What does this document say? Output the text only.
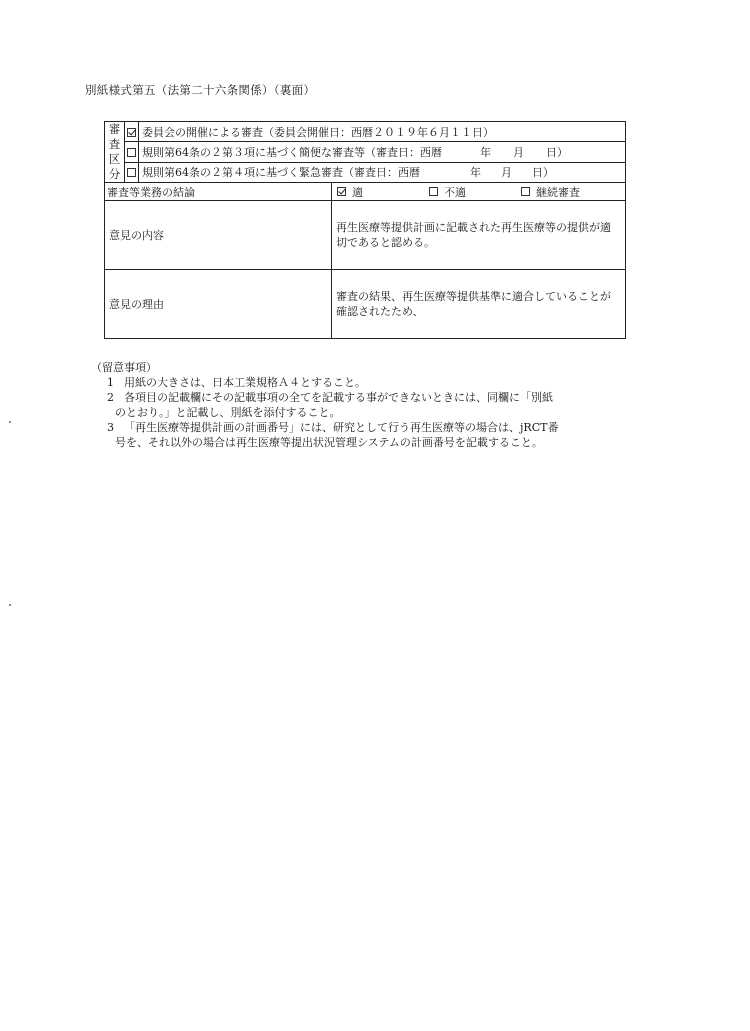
別紙様式第五（法第二十六条関係）（裏面）
審
査
区
分		委員会の開催による審査（委員会開催日：西暦２０１９年６月１１日）	
		規則第64条の２第３項に基づく簡便な審査等（審査日：西暦 年 月 日）	
		規則第64条の２第４項に基づく緊急審査（審査日：西暦 年 月 日）	
審査等業務の結論			適 不適 継続審査

意見の内容			再生医療等提供計画に記載された再生医療等の提供が適切であると認める。
意見の理由			審査の結果、再生医療等提供基準に適合していることが確認されたため、
（留意事項）
1 用紙の大きさは、日本工業規格Ａ４とすること。
2 各項目の記載欄にその記載事項の全てを記載する事ができないときには、同欄に「別紙
のとおり。」と記載し、別紙を添付すること。
3 「再生医療等提供計画の計画番号」には、研究として行う再生医療等の場合は、jRCT番
号を、それ以外の場合は再生医療等提出状況管理システムの計画番号を記載すること。
